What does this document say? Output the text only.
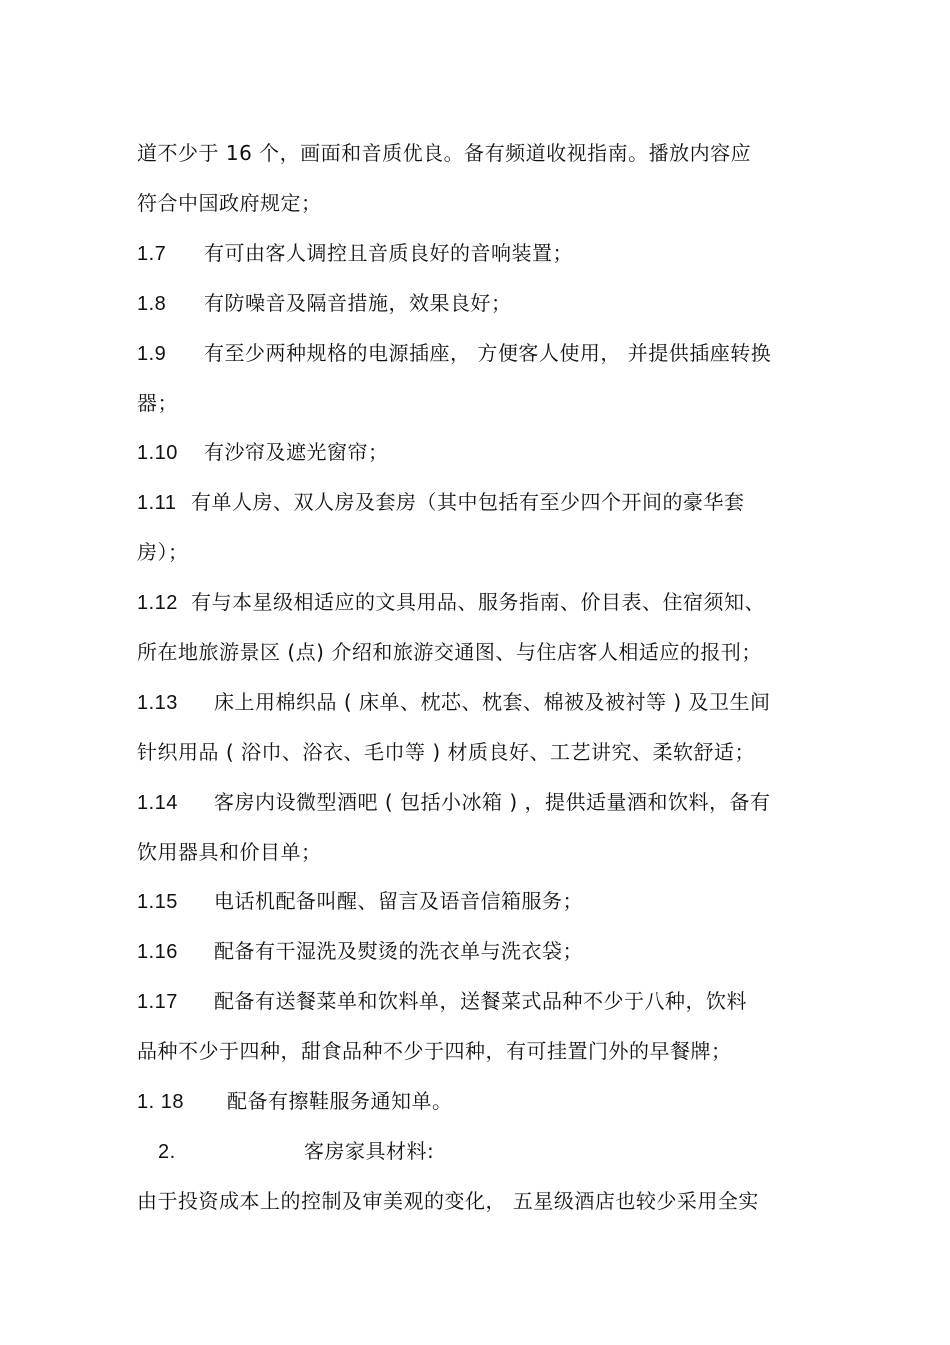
道不少于 16 个，画面和音质优良。备有频道收视指南。播放内容应
符合中国政府规定；
1.7 有可由客人调控且音质良好的音响装置；
1.8 有防噪音及隔音措施，效果良好；
1.9 有至少两种规格的电源插座， 方便客人使用， 并提供插座转换
器；
1.10 有沙帘及遮光窗帘；
1.11 有单人房、双人房及套房（其中包括有至少四个开间的豪华套
房）；
1.12 有与本星级相适应的文具用品、服务指南、价目表、住宿须知、
所在地旅游景区 (点) 介绍和旅游交通图、与住店客人相适应的报刊；
1.13 床上用棉织品 ( 床单、枕芯、枕套、棉被及被衬等 ) 及卫生间
针织用品 ( 浴巾、浴衣、毛巾等 ) 材质良好、工艺讲究、柔软舒适；
1.14 客房内设微型酒吧 ( 包括小冰箱 ) ，提供适量酒和饮料，备有
饮用器具和价目单；
1.15 电话机配备叫醒、留言及语音信箱服务；
1.16 配备有干湿洗及熨烫的洗衣单与洗衣袋；
1.17 配备有送餐菜单和饮料单，送餐菜式品种不少于八种，饮料
品种不少于四种，甜食品种不少于四种，有可挂置门外的早餐牌；
1. 18 配备有擦鞋服务通知单。
2.	客房家具材料:
由于投资成本上的控制及审美观的变化， 五星级酒店也较少采用全实
